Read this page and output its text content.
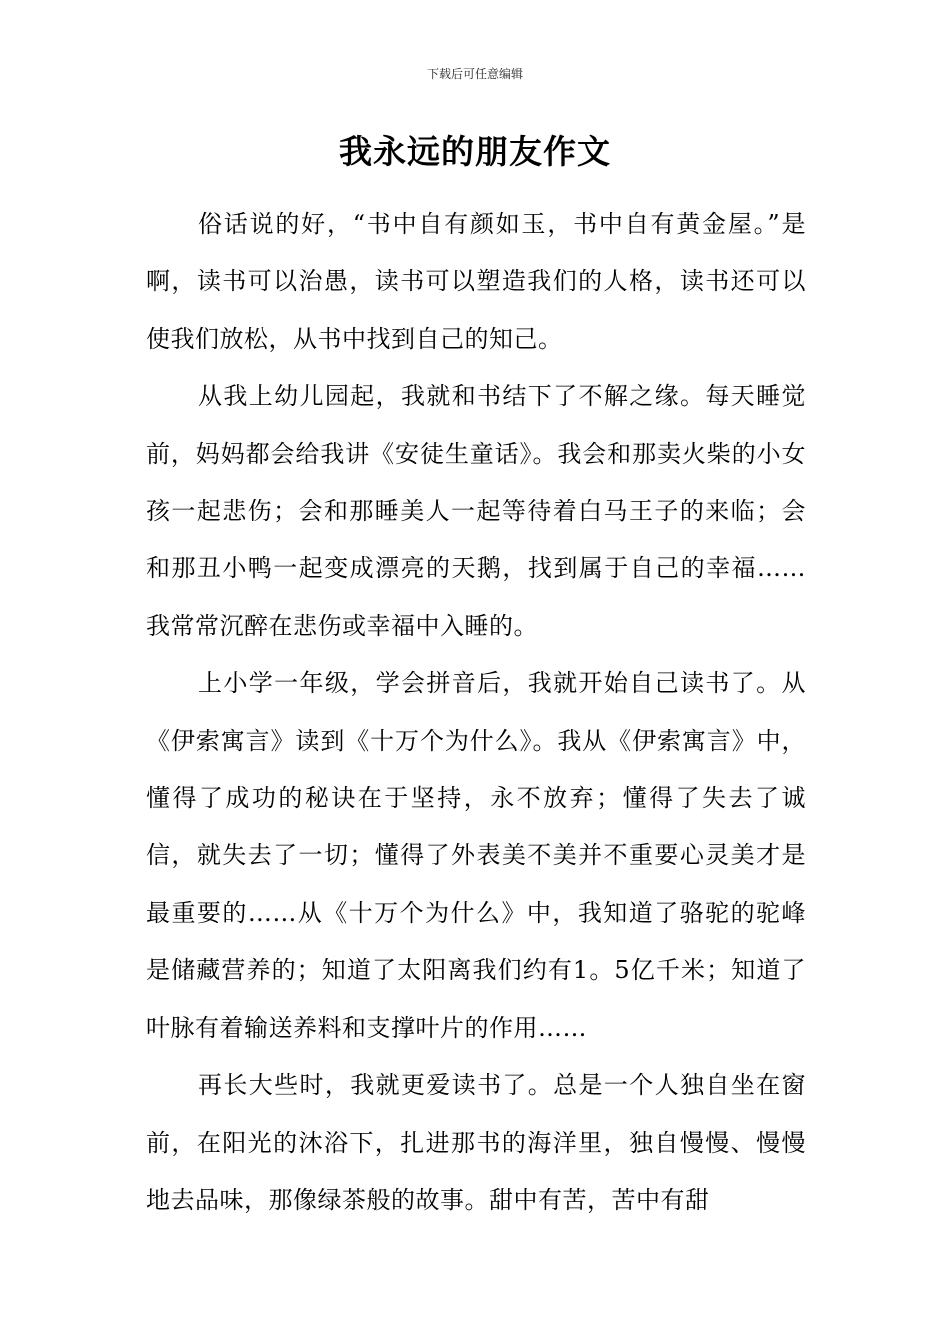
下载后可任意编辑
我永远的朋友作文

俗话说的好，“书中自有颜如玉，书中自有黄金屋。”是啊，读书可以治愚，读书可以塑造我们的人格，读书还可以使我们放松，从书中找到自己的知己。

从我上幼儿园起，我就和书结下了不解之缘。每天睡觉前，妈妈都会给我讲《安徒生童话》。我会和那卖火柴的小女孩一起悲伤；会和那睡美人一起等待着白马王子的来临；会和那丑小鸭一起变成漂亮的天鹅，找到属于自己的幸福……我常常沉醉在悲伤或幸福中入睡的。

上小学一年级，学会拼音后，我就开始自己读书了。从《伊索寓言》读到《十万个为什么》。我从《伊索寓言》中，懂得了成功的秘诀在于坚持，永不放弃；懂得了失去了诚信，就失去了一切；懂得了外表美不美并不重要心灵美才是最重要的……从《十万个为什么》中，我知道了骆驼的驼峰是储藏营养的；知道了太阳离我们约有1。5亿千米；知道了叶脉有着输送养料和支撑叶片的作用……

再长大些时，我就更爱读书了。总是一个人独自坐在窗前，在阳光的沐浴下，扎进那书的海洋里，独自慢慢、慢慢地去品味，那像绿茶般的故事。甜中有苦，苦中有甜
